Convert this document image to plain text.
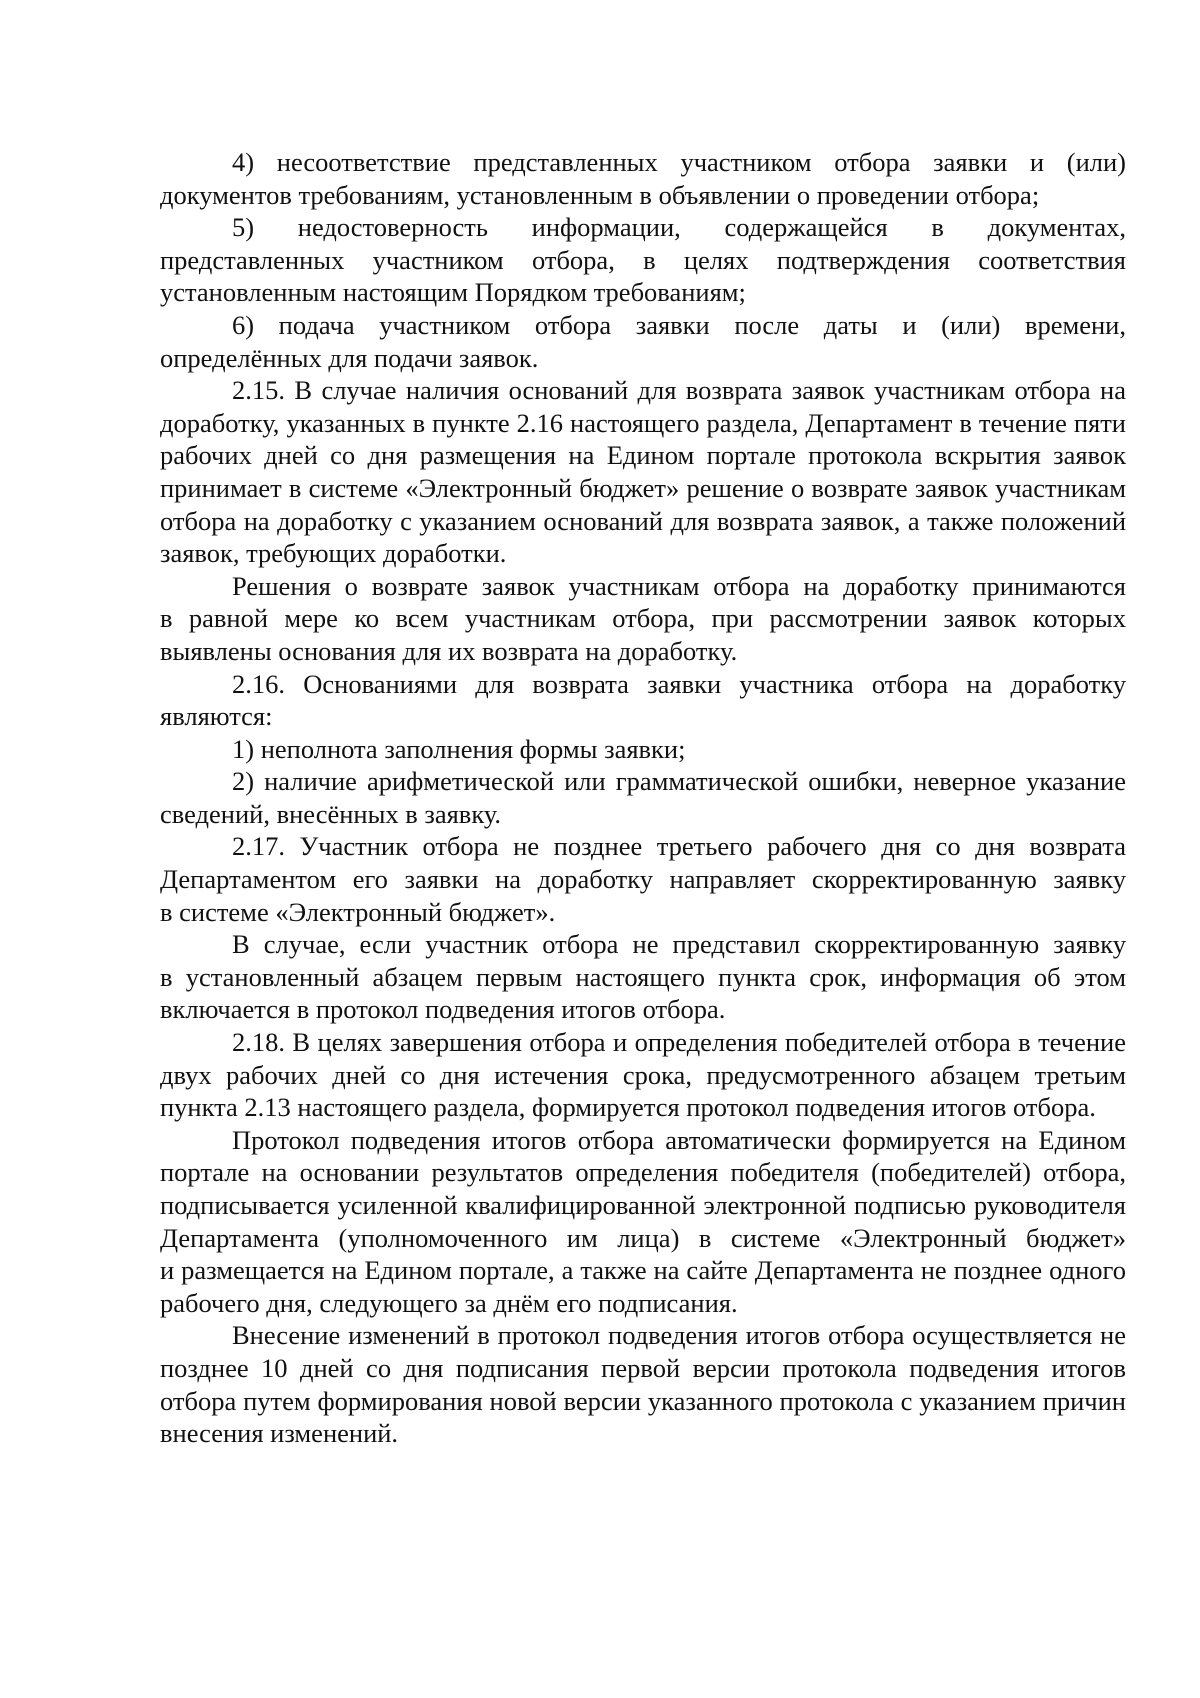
4) несоответствие представленных участником отбора заявки и (или) документов требованиям, установленным в объявлении о проведении отбора;

5) недостоверность информации, содержащейся в документах, представленных участником отбора, в целях подтверждения соответствия установленным настоящим Порядком требованиям;

6) подача участником отбора заявки после даты и (или) времени, определённых для подачи заявок.

2.15. В случае наличия оснований для возврата заявок участникам отбора на доработку, указанных в пункте 2.16 настоящего раздела, Департамент в течение пяти рабочих дней со дня размещения на Едином портале протокола вскрытия заявок принимает в системе «Электронный бюджет» решение о возврате заявок участникам отбора на доработку с указанием оснований для возврата заявок, а также положений заявок, требующих доработки.

Решения о возврате заявок участникам отбора на доработку принимаются в равной мере ко всем участникам отбора, при рассмотрении заявок которых выявлены основания для их возврата на доработку.

2.16. Основаниями для возврата заявки участника отбора на доработку являются:

1) неполнота заполнения формы заявки;

2) наличие арифметической или грамматической ошибки, неверное указание сведений, внесённых в заявку.

2.17. Участник отбора не позднее третьего рабочего дня со дня возврата Департаментом его заявки на доработку направляет скорректированную заявку в системе «Электронный бюджет».

В случае, если участник отбора не представил скорректированную заявку в установленный абзацем первым настоящего пункта срок, информация об этом включается в протокол подведения итогов отбора.

2.18. В целях завершения отбора и определения победителей отбора в течение двух рабочих дней со дня истечения срока, предусмотренного абзацем третьим пункта 2.13 настоящего раздела, формируется протокол подведения итогов отбора.

Протокол подведения итогов отбора автоматически формируется на Едином портале на основании результатов определения победителя (победителей) отбора, подписывается усиленной квалифицированной электронной подписью руководителя Департамента (уполномоченного им лица) в системе «Электронный бюджет» и размещается на Едином портале, а также на сайте Департамента не позднее одного рабочего дня, следующего за днём его подписания.

Внесение изменений в протокол подведения итогов отбора осуществляется не позднее 10 дней со дня подписания первой версии протокола подведения итогов отбора путем формирования новой версии указанного протокола с указанием причин внесения изменений.
